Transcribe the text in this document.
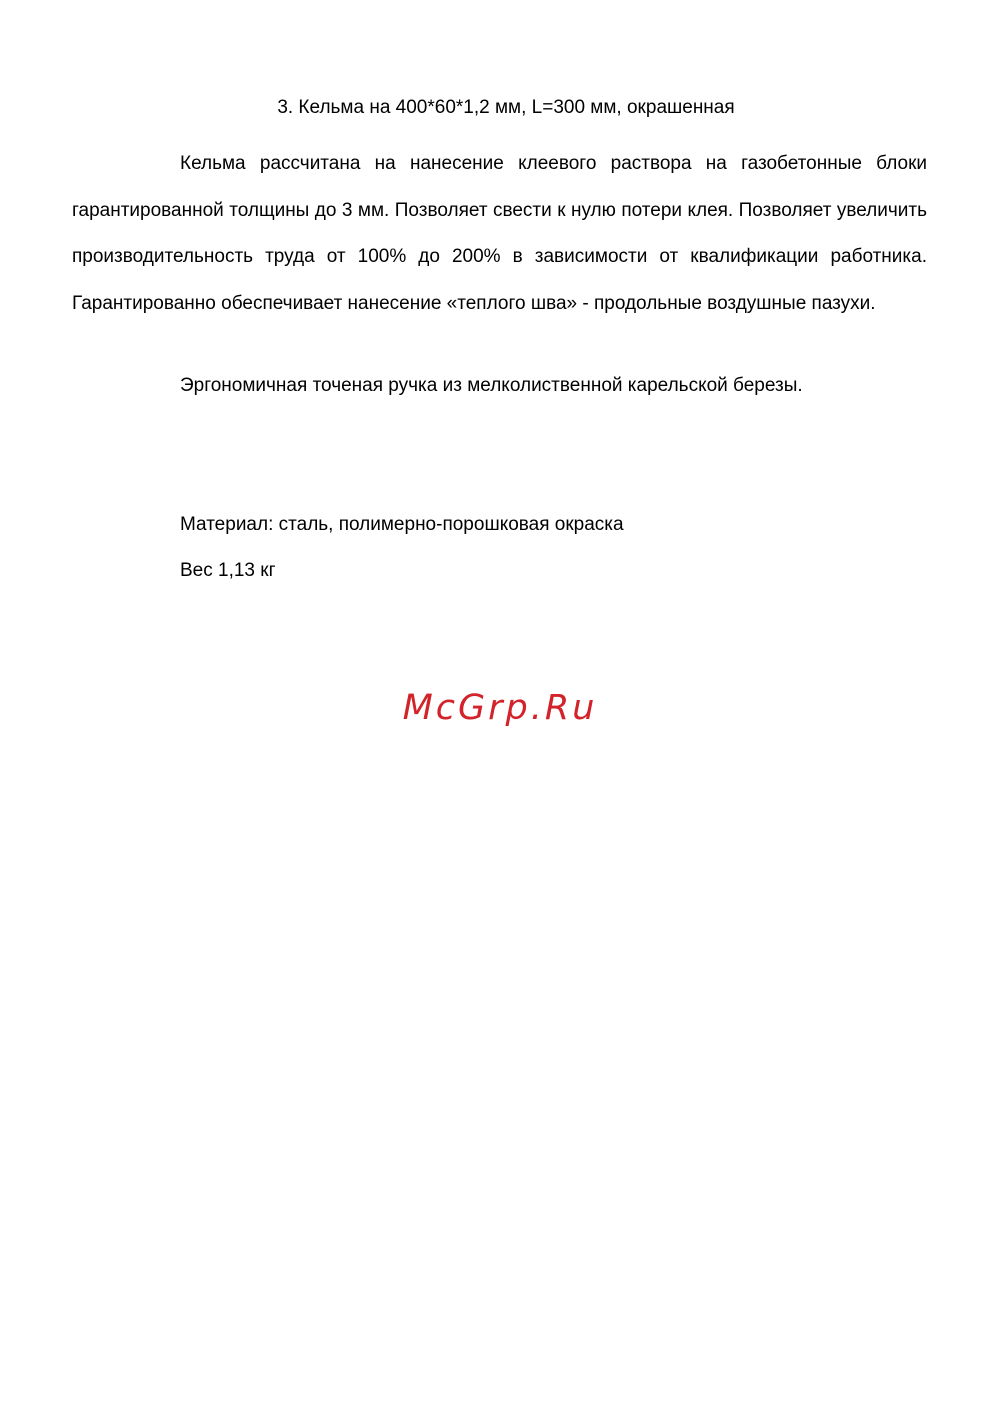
3. Кельма на 400*60*1,2 мм, L=300 мм, окрашенная

Кельма рассчитана на нанесение клеевого раствора на газобетонные блоки гарантированной толщины до 3 мм. Позволяет свести к нулю потери клея. Позволяет увеличить производительность труда от 100% до 200% в зависимости от квалификации работника. Гарантированно обеспечивает нанесение «теплого шва» - продольные воздушные пазухи.

Эргономичная точеная ручка из мелколиственной карельской березы.
Материал: сталь, полимерно-порошковая окраска
Вес 1,13 кг
McGrp.Ru
